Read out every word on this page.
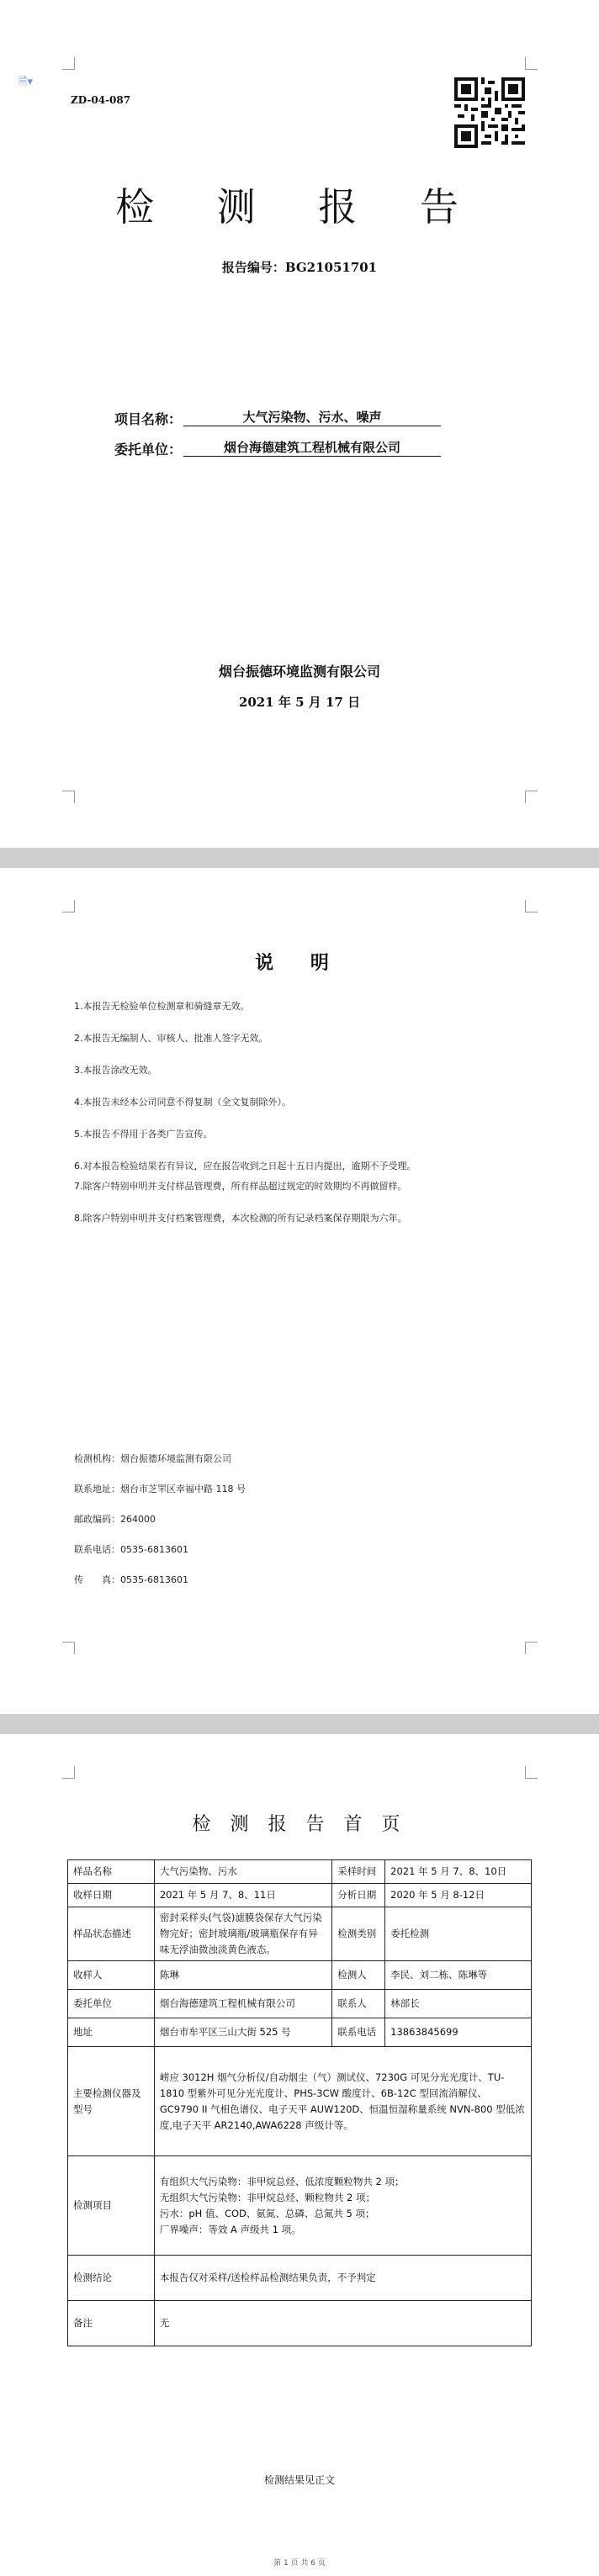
🗎▾
ZD-04-087
检 测 报 告
报告编号：BG21051701
项目名称：	大气污染物、污水、噪声
委托单位：	烟台海德建筑工程机械有限公司
烟台振德环境监测有限公司
2021 年 5 月 17 日
说 明
1.本报告无检验单位检测章和骑缝章无效。
2.本报告无编制人、审核人、批准人签字无效。
3.本报告涂改无效。
4.本报告未经本公司同意不得复制（全文复制除外）。
5.本报告不得用于各类广告宣传。
6.对本报告检验结果若有异议，应在报告收到之日起十五日内提出，逾期不予受理。
7.除客户特别申明并支付样品管理费，所有样品超过规定的时效期均不再做留样。
8.除客户特别申明并支付档案管理费，本次检测的所有记录档案保存期限为六年。
检测机构：烟台振德环境监测有限公司
联系地址：烟台市芝罘区幸福中路 118 号
邮政编码：264000
联系电话：0535-6813601
传　　真：0535-6813601
检 测 报 告 首 页
样品名称	大气污染物、污水	采样时间	2021 年 5 月 7、8、10日
收样日期	2021 年 5 月 7、8、11日	分析日期	2020 年 5 月 8-12日
样品状态描述	密封采样头(气袋)滤膜袋保存大气污染物完好；密封玻璃瓶/玻璃瓶保存有异味无浮油微浊淡黄色液态。	检测类别	委托检测
收样人	陈琳	检测人	李民、刘二栋、陈琳等
委托单位	烟台海德建筑工程机械有限公司	联系人	林部长
地址	烟台市牟平区三山大街 525 号	联系电话	13863845699
主要检测仪器及型号	崂应 3012H 烟气分析仪/自动烟尘（气）测试仪、7230G 可见分光光度计、TU-1810 型紫外可见分光光度计、PHS-3CW 酸度计、6B-12C 型回流消解仪、GC9790 II 气相色谱仪、电子天平 AUW120D、恒温恒湿称量系统 NVN-800 型低浓度,电子天平 AR2140,AWA6228 声级计等。		
检测项目	有组织大气污染物：非甲烷总烃、低浓度颗粒物共 2 项；
无组织大气污染物：非甲烷总烃、颗粒物共 2 项；
污水：pH 值、COD、氨氮、总磷、总氮共 5 项；
厂界噪声：等效 A 声级共 1 项。		

检测结论	本报告仅对采样/送检样品检测结果负责，不予判定		
备注	无		
检测结果见正文
第 1 页 共 6 页
